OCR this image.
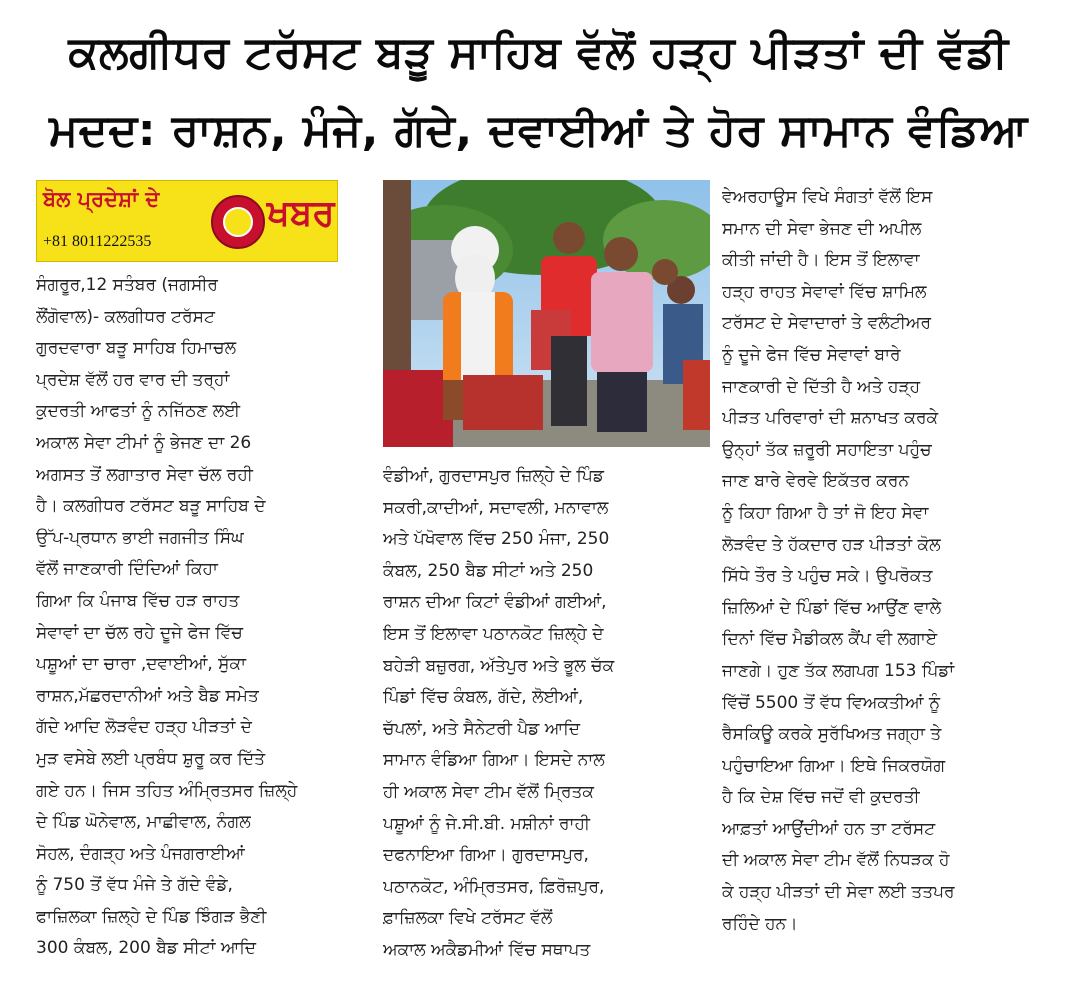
ਕਲਗੀਧਰ ਟਰੱਸਟ ਬੜੂ ਸਾਹਿਬ ਵੱਲੋਂ ਹੜ੍ਹ ਪੀੜਤਾਂ ਦੀ ਵੱਡੀ
ਮਦਦ: ਰਾਸ਼ਨ, ਮੰਜੇ, ਗੱਦੇ, ਦਵਾਈਆਂ ਤੇ ਹੋਰ ਸਾਮਾਨ ਵੰਡਿਆ
ਬੋਲ ਪ੍ਰਦੇਸ਼ਾਂ ਦੇ
+81 8011222535
ਖਬਰ
ਸੰਗਰੂਰ,12 ਸਤੰਬਰ (ਜਗਸੀਰ
ਲੌਂਗੋਵਾਲ)- ਕਲਗੀਧਰ ਟਰੱਸਟ
ਗੁਰਦਵਾਰਾ ਬੜੂ ਸਾਹਿਬ ਹਿਮਾਚਲ
ਪ੍ਰਦੇਸ਼ ਵੱਲੋਂ ਹਰ ਵਾਰ ਦੀ ਤਰ੍ਹਾਂ
ਕੁਦਰਤੀ ਆਫਤਾਂ ਨੂੰ ਨਜਿੱਠਣ ਲਈ
ਅਕਾਲ ਸੇਵਾ ਟੀਮਾਂ ਨੂੰ ਭੇਜਣ ਦਾ 26
ਅਗਸਤ ਤੋਂ ਲਗਾਤਾਰ ਸੇਵਾ ਚੱਲ ਰਹੀ
ਹੈ। ਕਲਗੀਧਰ ਟਰੱਸਟ ਬੜੂ ਸਾਹਿਬ ਦੇ
ਉੱਪ-ਪ੍ਰਧਾਨ ਭਾਈ ਜਗਜੀਤ ਸਿੰਘ
ਵੱਲੋਂ ਜਾਣਕਾਰੀ ਦਿੰਦਿਆਂ ਕਿਹਾ
ਗਿਆ ਕਿ ਪੰਜਾਬ ਵਿੱਚ ਹੜ ਰਾਹਤ
ਸੇਵਾਵਾਂ ਦਾ ਚੱਲ ਰਹੇ ਦੂਜੇ ਫੇਜ ਵਿੱਚ
ਪਸ਼ੂਆਂ ਦਾ ਚਾਰਾ ,ਦਵਾਈਆਂ, ਸੁੱਕਾ
ਰਾਸ਼ਨ,ਮੱਛਰਦਾਨੀਆਂ ਅਤੇ ਬੈਡ ਸਮੇਤ
ਗੱਦੇ ਆਦਿ ਲੋੜਵੰਦ ਹੜ੍ਹ ਪੀੜਤਾਂ ਦੇ
ਮੁੜ ਵਸੇਬੇ ਲਈ ਪ੍ਰਬੰਧ ਸ਼ੁਰੂ ਕਰ ਦਿੱਤੇ
ਗਏ ਹਨ। ਜਿਸ ਤਹਿਤ ਅੰਮ੍ਰਿਤਸਰ ਜ਼ਿਲ੍ਹੇ
ਦੇ ਪਿੰਡ ਘੋਨੇਵਾਲ, ਮਾਛੀਵਾਲ, ਨੰਗਲ
ਸੋਹਲ, ਦੰਗੜ੍ਹ ਅਤੇ ਪੰਜਗਰਾਈਆਂ
ਨੂੰ 750 ਤੋਂ ਵੱਧ ਮੰਜੇ ਤੇ ਗੱਦੇ ਵੰਡੇ,
ਫਾਜ਼ਿਲਕਾ ਜ਼ਿਲ੍ਹੇ ਦੇ ਪਿੰਡ ਝਿੰਗੜ ਭੈਣੀ
300 ਕੰਬਲ, 200 ਬੈਡ ਸੀਟਾਂ ਆਦਿ
ਵੰਡੀਆਂ, ਗੁਰਦਾਸਪੁਰ ਜ਼ਿਲ੍ਹੇ ਦੇ ਪਿੰਡ
ਸਕਰੀ,ਕਾਦੀਆਂ, ਸਦਾਵਲੀ, ਮਨਾਵਾਲ
ਅਤੇ ਪੱਖੋਵਾਲ ਵਿੱਚ 250 ਮੰਜਾ, 250
ਕੰਬਲ, 250 ਬੈਡ ਸੀਟਾਂ ਅਤੇ 250
ਰਾਸ਼ਨ ਦੀਆ ਕਿਟਾਂ ਵੰਡੀਆਂ ਗਈਆਂ,
ਇਸ ਤੋਂ ਇਲਾਵਾ ਪਠਾਨਕੋਟ ਜ਼ਿਲ੍ਹੇ ਦੇ
ਬਹੇੜੀ ਬਜ਼ੁਰਗ, ਅੱਤੇਪੁਰ ਅਤੇ ਭੂਲ ਚੱਕ
ਪਿੰਡਾਂ ਵਿੱਚ ਕੰਬਲ, ਗੱਦੇ, ਲੋਈਆਂ,
ਚੱਪਲਾਂ, ਅਤੇ ਸੈਨੇਟਰੀ ਪੈਡ ਆਦਿ
ਸਾਮਾਨ ਵੰਡਿਆ ਗਿਆ। ਇਸਦੇ ਨਾਲ
ਹੀ ਅਕਾਲ ਸੇਵਾ ਟੀਮ ਵੱਲੋਂ ਮ੍ਰਿਤਕ
ਪਸ਼ੂਆਂ ਨੂੰ ਜੇ.ਸੀ.ਬੀ. ਮਸ਼ੀਨਾਂ ਰਾਹੀ
ਦਫਨਾਇਆ ਗਿਆ। ਗੁਰਦਾਸਪੁਰ,
ਪਠਾਨਕੋਟ, ਅੰਮ੍ਰਿਤਸਰ, ਫ਼ਿਰੋਜ਼ਪੁਰ,
ਫ਼ਾਜ਼ਿਲਕਾ ਵਿਖੇ ਟਰੱਸਟ ਵੱਲੋਂ
ਅਕਾਲ ਅਕੈਡਮੀਆਂ ਵਿੱਚ ਸਥਾਪਤ
ਵੇਅਰਹਾਊਸ ਵਿਖੇ ਸੰਗਤਾਂ ਵੱਲੋਂ ਇਸ
ਸਮਾਨ ਦੀ ਸੇਵਾ ਭੇਜਣ ਦੀ ਅਪੀਲ
ਕੀਤੀ ਜਾਂਦੀ ਹੈ। ਇਸ ਤੋਂ ਇਲਾਵਾ
ਹੜ੍ਹ ਰਾਹਤ ਸੇਵਾਵਾਂ ਵਿੱਚ ਸ਼ਾਮਿਲ
ਟਰੱਸਟ ਦੇ ਸੇਵਾਦਾਰਾਂ ਤੇ ਵਲੰਟੀਅਰ
ਨੂੰ ਦੂਜੇ ਫੇਜ ਵਿੱਚ ਸੇਵਾਵਾਂ ਬਾਰੇ
ਜਾਣਕਾਰੀ ਦੇ ਦਿੱਤੀ ਹੈ ਅਤੇ ਹੜ੍ਹ
ਪੀੜਤ ਪਰਿਵਾਰਾਂ ਦੀ ਸ਼ਨਾਖਤ ਕਰਕੇ
ਉਨ੍ਹਾਂ ਤੱਕ ਜ਼ਰੂਰੀ ਸਹਾਇਤਾ ਪਹੁੰਚ
ਜਾਣ ਬਾਰੇ ਵੇਰਵੇ ਇਕੱਤਰ ਕਰਨ
ਨੂੰ ਕਿਹਾ ਗਿਆ ਹੈ ਤਾਂ ਜੋ ਇਹ ਸੇਵਾ
ਲੋੜਵੰਦ ਤੇ ਹੱਕਦਾਰ ਹੜ ਪੀੜਤਾਂ ਕੋਲ
ਸਿੱਧੇ ਤੌਰ ਤੇ ਪਹੁੰਚ ਸਕੇ। ਉਪਰੋਕਤ
ਜ਼ਿਲਿਆਂ ਦੇ ਪਿੰਡਾਂ ਵਿੱਚ ਆਉਂਣ ਵਾਲੇ
ਦਿਨਾਂ ਵਿੱਚ ਮੈਡੀਕਲ ਕੈਂਪ ਵੀ ਲਗਾਏ
ਜਾਣਗੇ। ਹੁਣ ਤੱਕ ਲਗਪਗ 153 ਪਿੰਡਾਂ
ਵਿੱਚੋਂ 5500 ਤੋਂ ਵੱਧ ਵਿਅਕਤੀਆਂ ਨੂੰ
ਰੈਸਕਿਊ ਕਰਕੇ ਸੁਰੱਖਿਅਤ ਜਗ੍ਹਾ ਤੇ
ਪਹੁੰਚਾਇਆ ਗਿਆ। ਇਥੇ ਜਿਕਰਯੋਗ
ਹੈ ਕਿ ਦੇਸ਼ ਵਿੱਚ ਜਦੋਂ ਵੀ ਕੁਦਰਤੀ
ਆਫ਼ਤਾਂ ਆਉਂਦੀਆਂ ਹਨ ਤਾ ਟਰੱਸਟ
ਦੀ ਅਕਾਲ ਸੇਵਾ ਟੀਮ ਵੱਲੋਂ ਨਿਧੜਕ ਹੋ
ਕੇ ਹੜ੍ਹ ਪੀੜਤਾਂ ਦੀ ਸੇਵਾ ਲਈ ਤਤਪਰ
ਰਹਿੰਦੇ ਹਨ।
